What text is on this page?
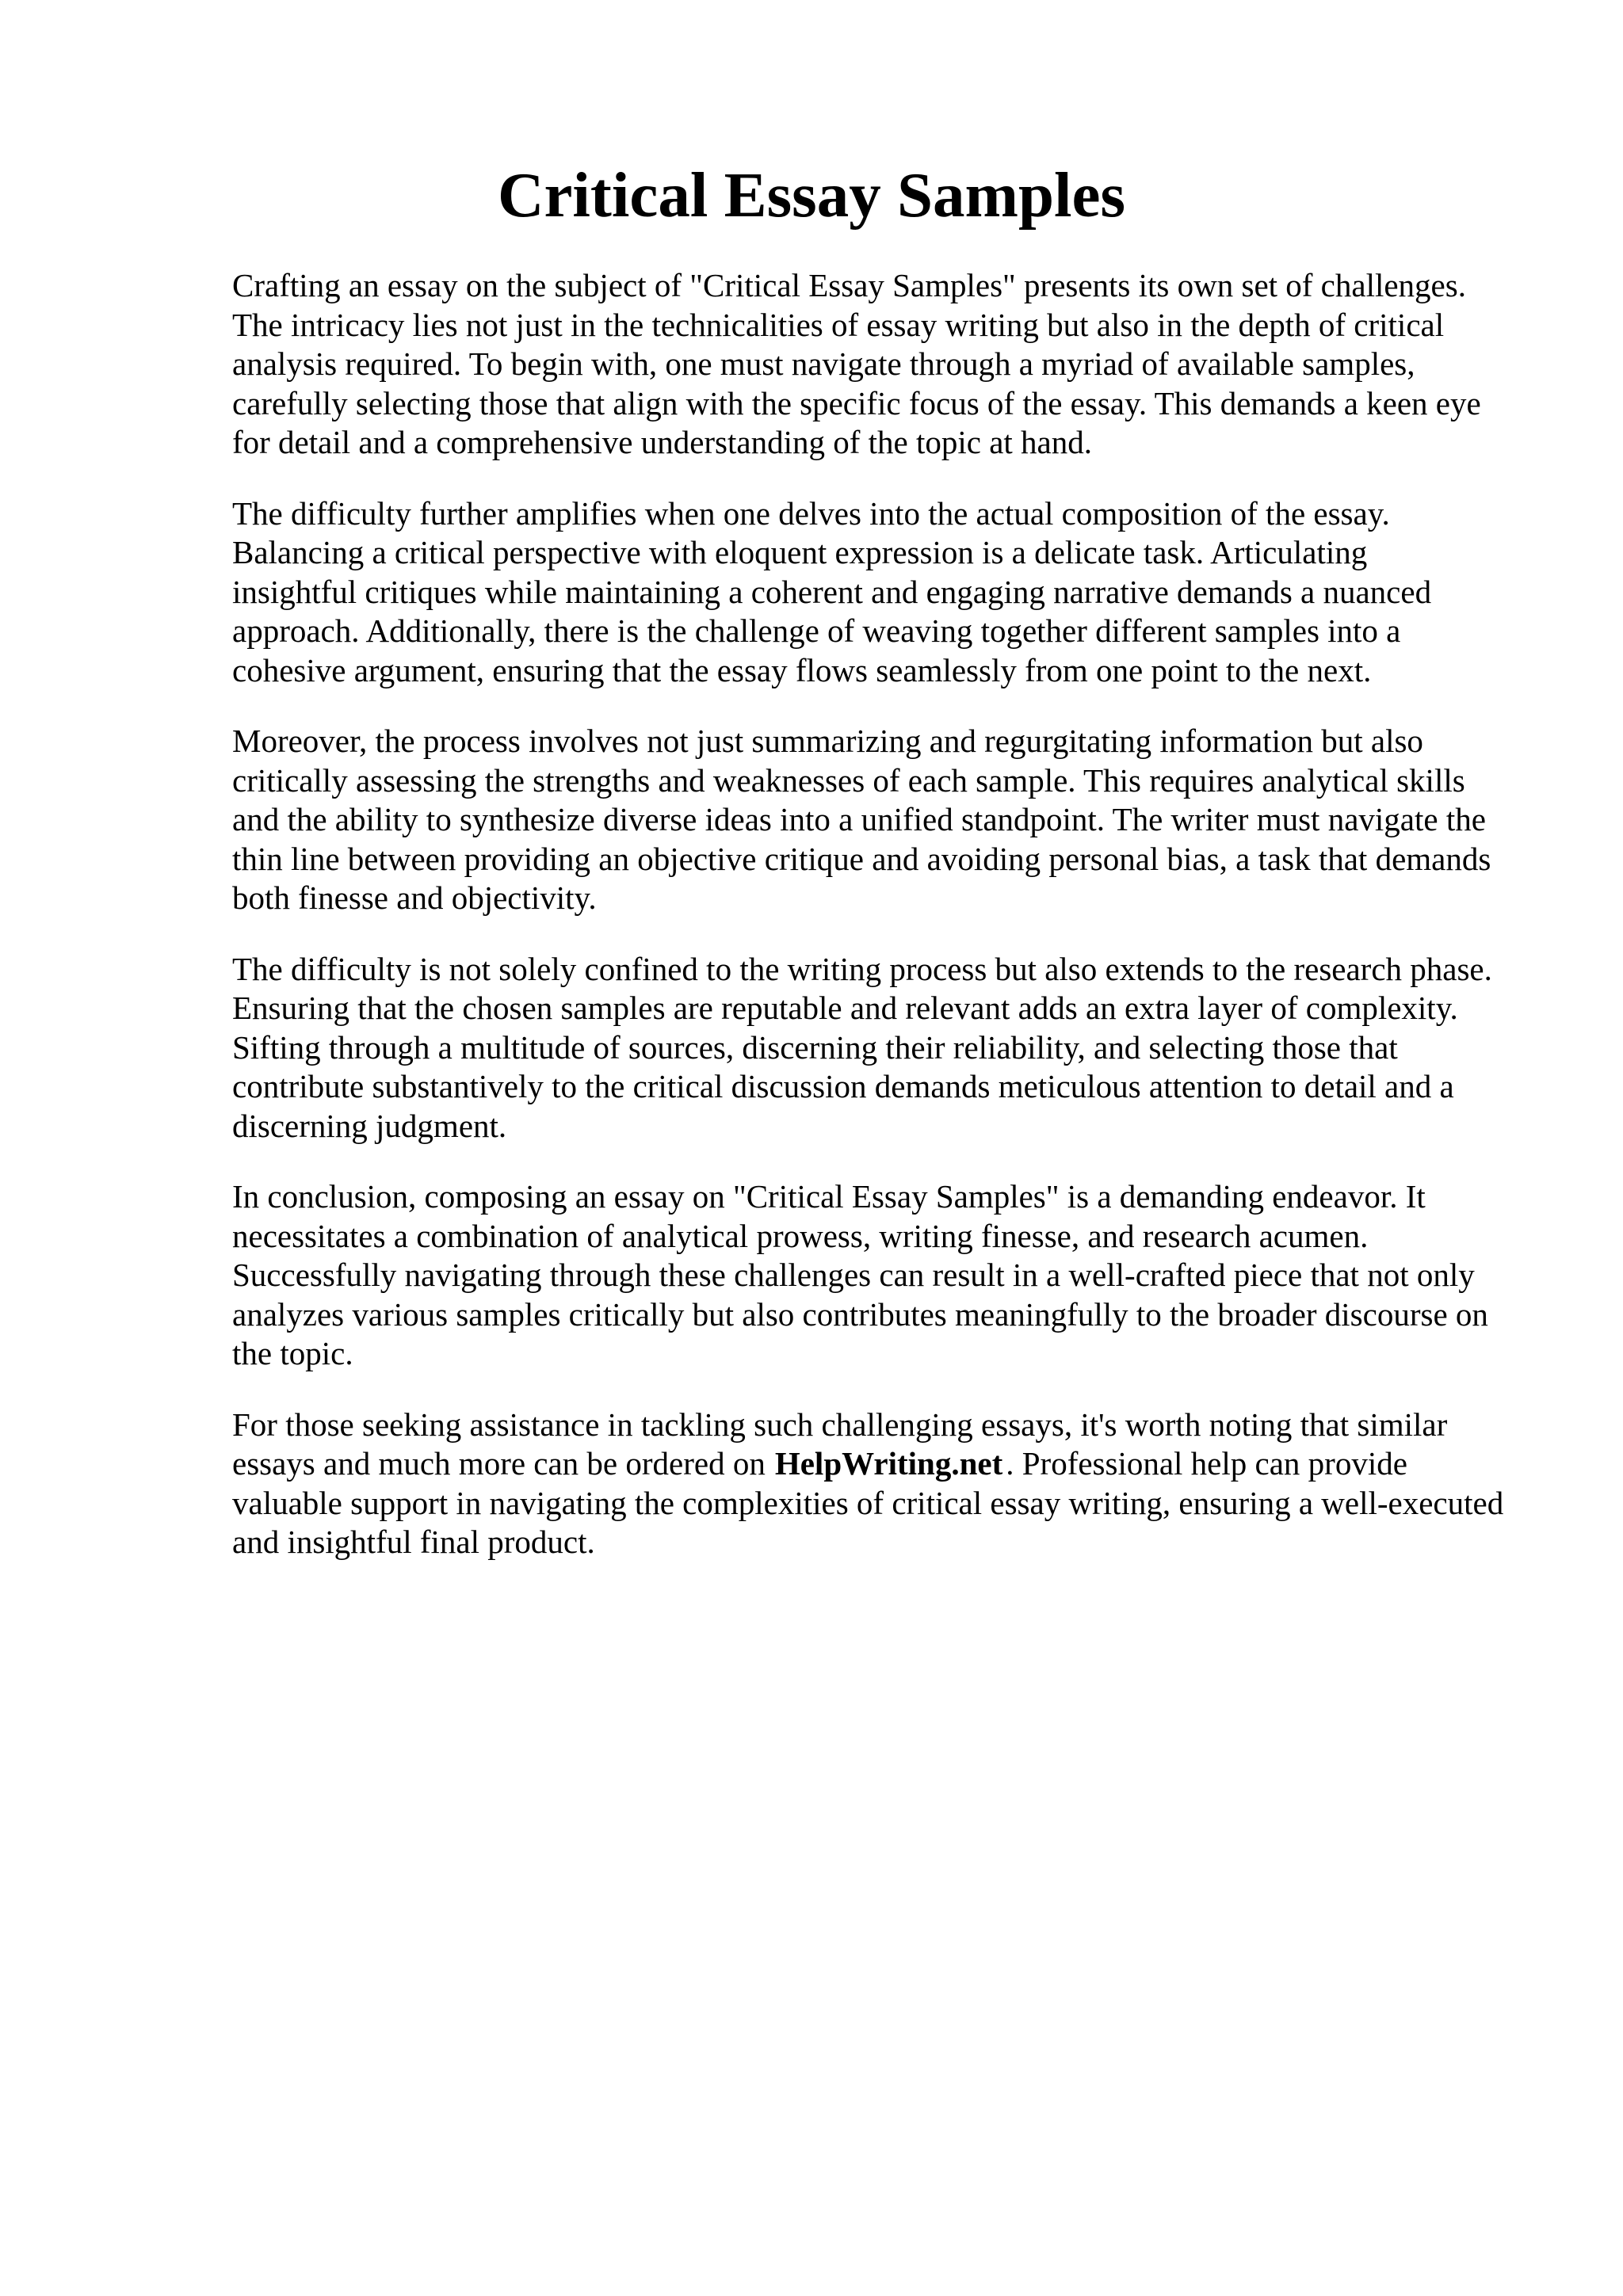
Critical Essay Samples

Crafting an essay on the subject of "Critical Essay Samples" presents its own set of challenges.
The intricacy lies not just in the technicalities of essay writing but also in the depth of critical
analysis required. To begin with, one must navigate through a myriad of available samples,
carefully selecting those that align with the specific focus of the essay. This demands a keen eye
for detail and a comprehensive understanding of the topic at hand.

The difficulty further amplifies when one delves into the actual composition of the essay.
Balancing a critical perspective with eloquent expression is a delicate task. Articulating
insightful critiques while maintaining a coherent and engaging narrative demands a nuanced
approach. Additionally, there is the challenge of weaving together different samples into a
cohesive argument, ensuring that the essay flows seamlessly from one point to the next.

Moreover, the process involves not just summarizing and regurgitating information but also
critically assessing the strengths and weaknesses of each sample. This requires analytical skills
and the ability to synthesize diverse ideas into a unified standpoint. The writer must navigate the
thin line between providing an objective critique and avoiding personal bias, a task that demands
both finesse and objectivity.

The difficulty is not solely confined to the writing process but also extends to the research phase.
Ensuring that the chosen samples are reputable and relevant adds an extra layer of complexity.
Sifting through a multitude of sources, discerning their reliability, and selecting those that
contribute substantively to the critical discussion demands meticulous attention to detail and a
discerning judgment.

In conclusion, composing an essay on "Critical Essay Samples" is a demanding endeavor. It
necessitates a combination of analytical prowess, writing finesse, and research acumen.
Successfully navigating through these challenges can result in a well-crafted piece that not only
analyzes various samples critically but also contributes meaningfully to the broader discourse on
the topic.

For those seeking assistance in tackling such challenging essays, it's worth noting that similar
essays and much more can be ordered on HelpWriting.net. Professional help can provide
valuable support in navigating the complexities of critical essay writing, ensuring a well-executed
and insightful final product.
